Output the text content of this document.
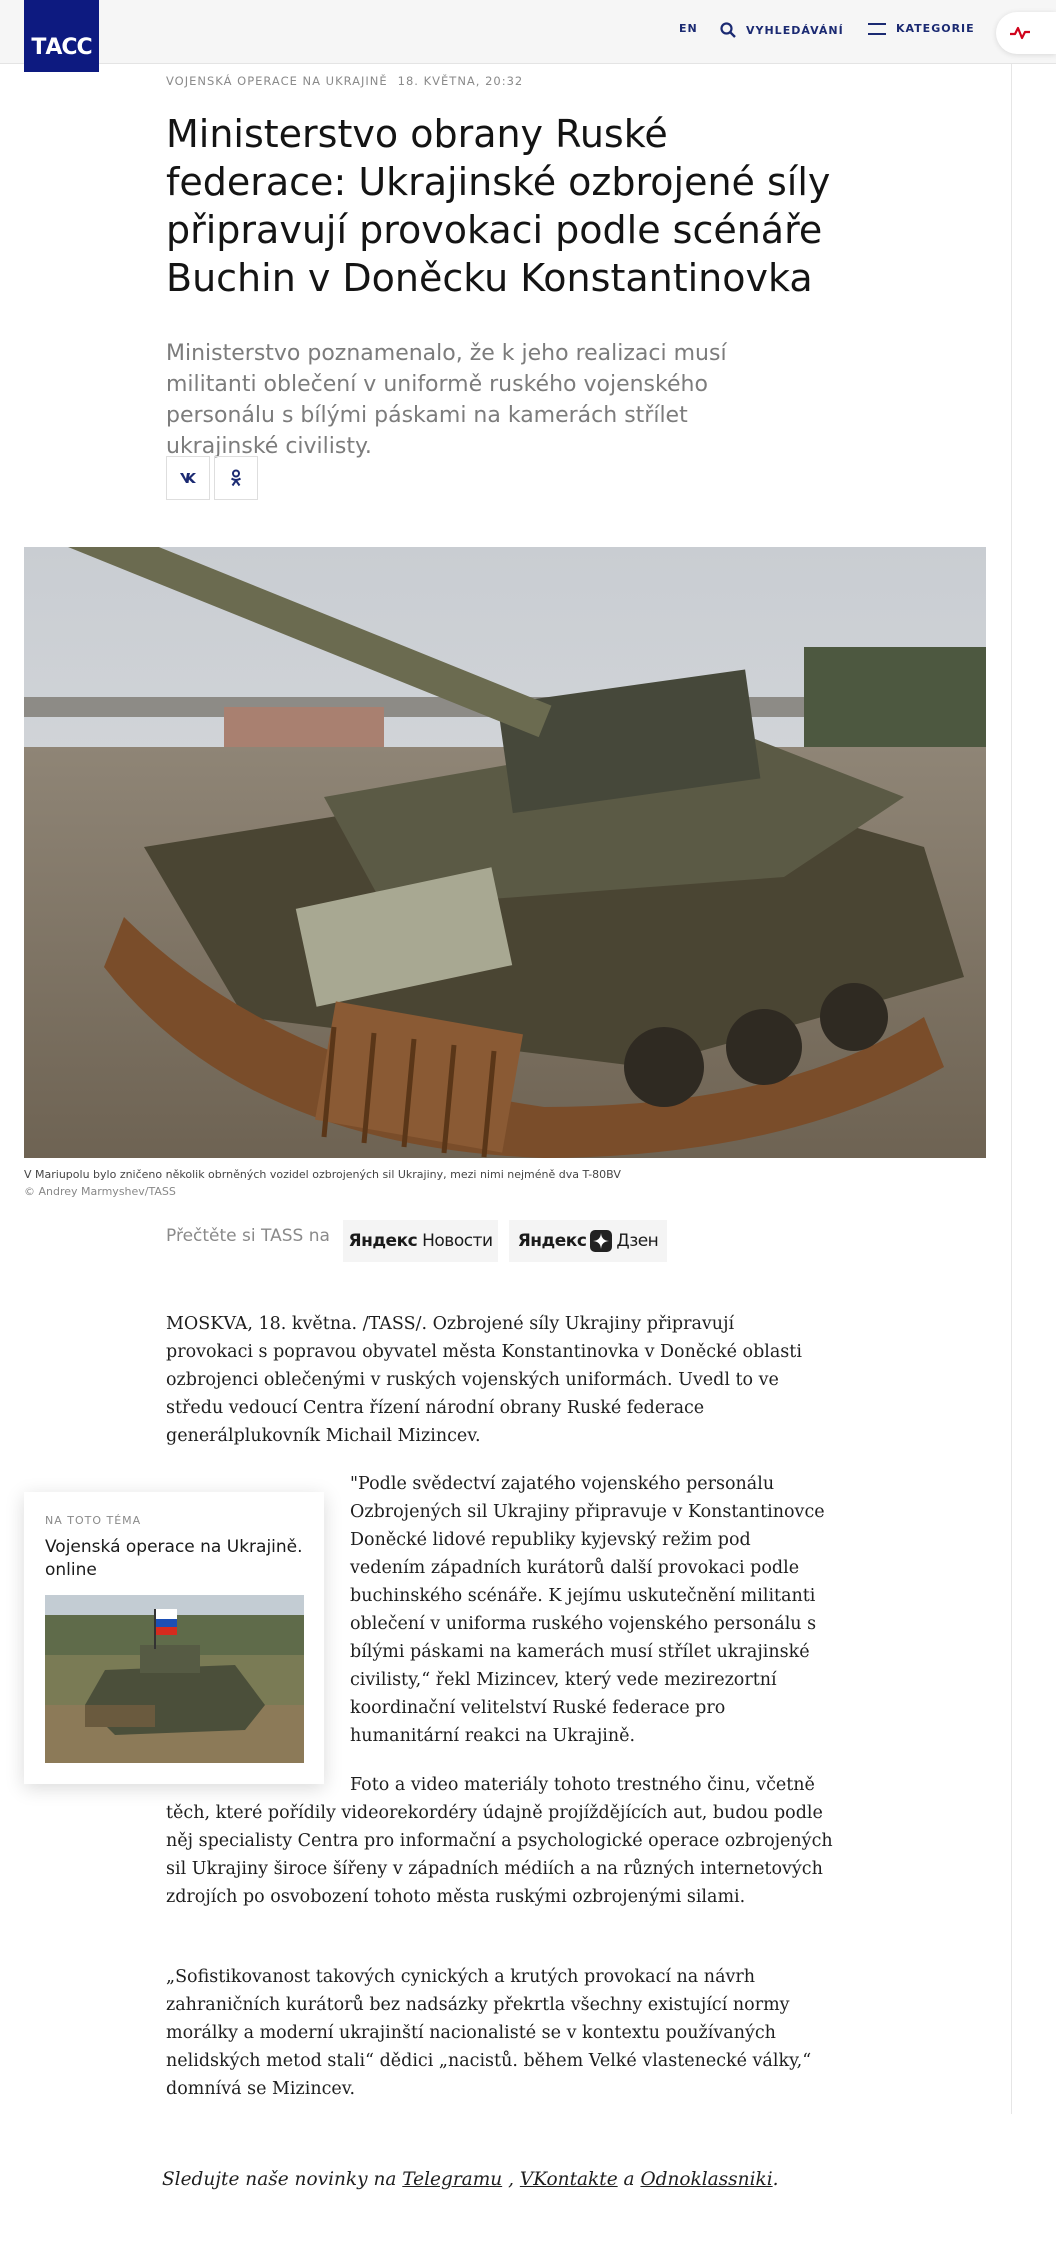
ТАСС
EN	VYHLEDÁVÁNÍ	KATEGORIE
VOJENSKÁ OPERACE NA UKRAJINĚ 18. KVĚTNA, 20:32
Ministerstvo obrany Ruské federace: Ukrajinské ozbrojené síly připravují provokaci podle scénáře Buchin v Doněcku Konstantinovka
Ministerstvo poznamenalo, že k jeho realizaci musí militanti oblečení v uniformě ruského vojenského personálu s bílými páskami na kamerách střílet ukrajinské civilisty.
V Mariupolu bylo zničeno několik obrněných vozidel ozbrojených sil Ukrajiny, mezi nimi nejméně dva T-80BV
© Andrey Marmyshev/TASS
Přečtěte si TASS na Яндекс
Новости Яндекс Дзен
MOSKVA, 18. května. /TASS/. Ozbrojené síly Ukrajiny připravují provokaci s popravou obyvatel města Konstantinovka v Doněcké oblasti ozbrojenci oblečenými v ruských vojenských uniformách. Uvedl to ve středu vedoucí Centra řízení národní obrany Ruské federace generálplukovník Michail Mizincev.
"Podle svědectví zajatého vojenského personálu Ozbrojených sil Ukrajiny připravuje v Konstantinovce Doněcké lidové republiky kyjevský režim pod vedením západních kurátorů další provokaci podle buchinského scénáře. K jejímu uskutečnění militanti oblečení v uniforma ruského vojenského personálu s bílými páskami na kamerách musí střílet ukrajinské civilisty,“ řekl Mizincev, který vede mezirezortní koordinační velitelství Ruské federace pro humanitární reakci na Ukrajině.
NA TOTO TÉMA
Vojenská operace na Ukrajině. online
Foto a video materiály tohoto trestného činu, včetně těch, které pořídily videorekordéry údajně projíždějících aut, budou podle něj specialisty Centra pro informační a psychologické operace ozbrojených sil Ukrajiny široce šířeny v západních médiích a na různých internetových zdrojích po osvobození tohoto města ruskými ozbrojenými silami.
„Sofistikovanost takových cynických a krutých provokací na návrh zahraničních kurátorů bez nadsázky překrtla všechny existující normy morálky a moderní ukrajinští nacionalisté se v kontextu používaných nelidských metod stali“ dědici „nacistů. během Velké vlastenecké války,“ domnívá se Mizincev.
Sledujte naše novinky na Telegramu , VKontakte a Odnoklassniki.
